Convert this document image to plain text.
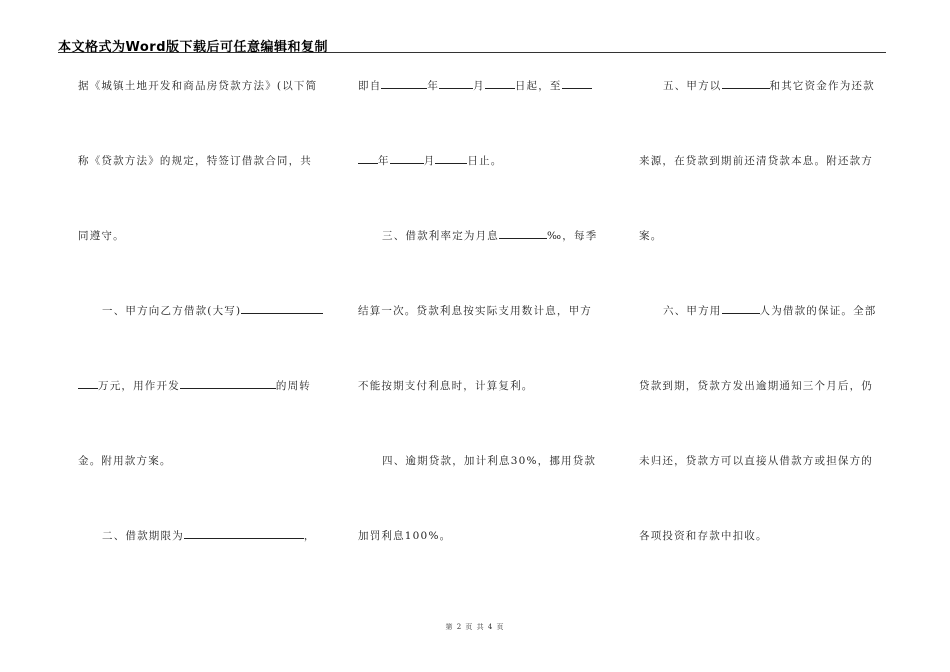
本文格式为Word版下载后可任意编辑和复制
据《城镇土地开发和商品房贷款方法》(以下简
称《贷款方法》的规定，特签订借款合同，共
同遵守。
一、甲方向乙方借款(大写)
万元，用作开发	的周转
金。附用款方案。
二、借款期限为	，
即自	年	月	日起，至
年	月	日止。
三、借款利率定为月息	‰，每季
结算一次。贷款利息按实际支用数计息，甲方
不能按期支付利息时，计算复利。
四、逾期贷款，加计利息30%，挪用贷款
加罚利息100%。
五、甲方以	和其它资金作为还款
来源，在贷款到期前还清贷款本息。附还款方
案。
六、甲方用	人为借款的保证。全部
贷款到期，贷款方发出逾期通知三个月后，仍
未归还，贷款方可以直接从借款方或担保方的
各项投资和存款中扣收。
第 2 页 共 4 页
